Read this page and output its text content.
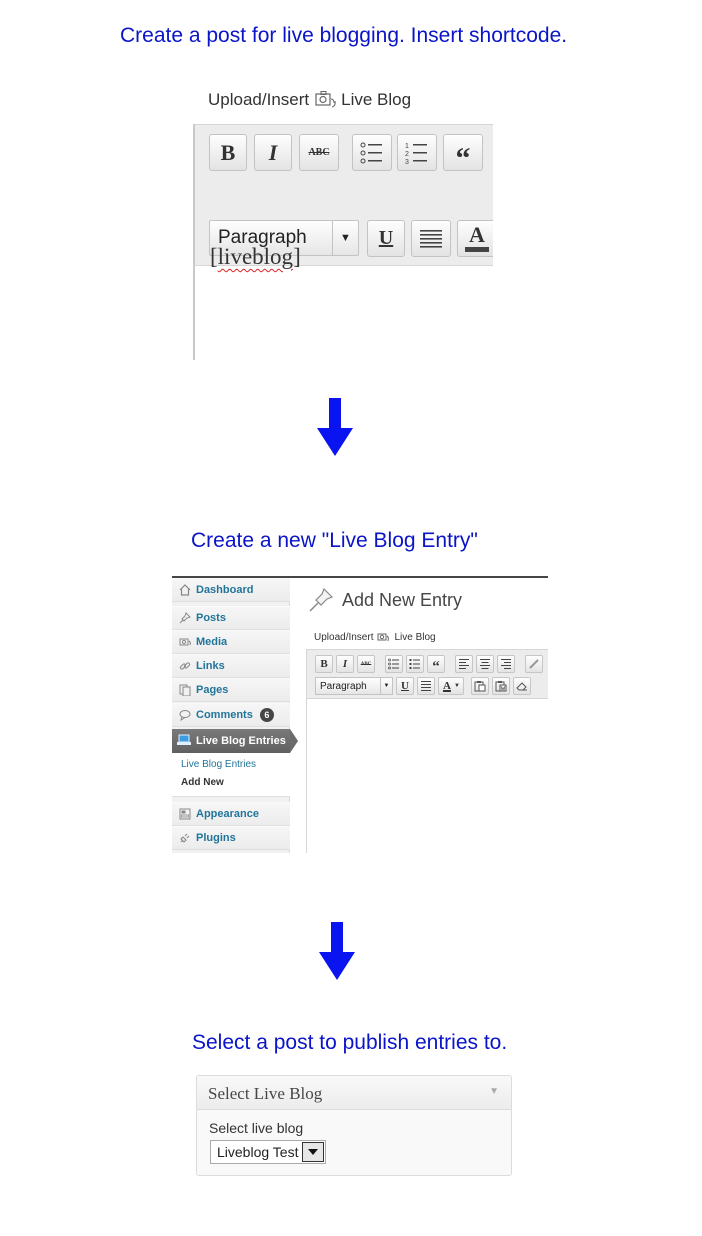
Create a post for live blogging. Insert shortcode.
Upload/Insert Live Blog
B	I	ABC
1
2
3	“
Paragraph	▼	U	A
[liveblog]
Create a new "Live Blog Entry"
Dashboard
Posts
Media
Links
Pages
Comments	6
Live Blog Entries
Live Blog Entries
Add New
Appearance
Plugins
Add New Entry
Upload/Insert Live Blog
B	I	ABC	“
Paragraph	▼	U	A ▼
Select a post to publish entries to.
Select Live Blog	▼
Select live blog
Liveblog Test
